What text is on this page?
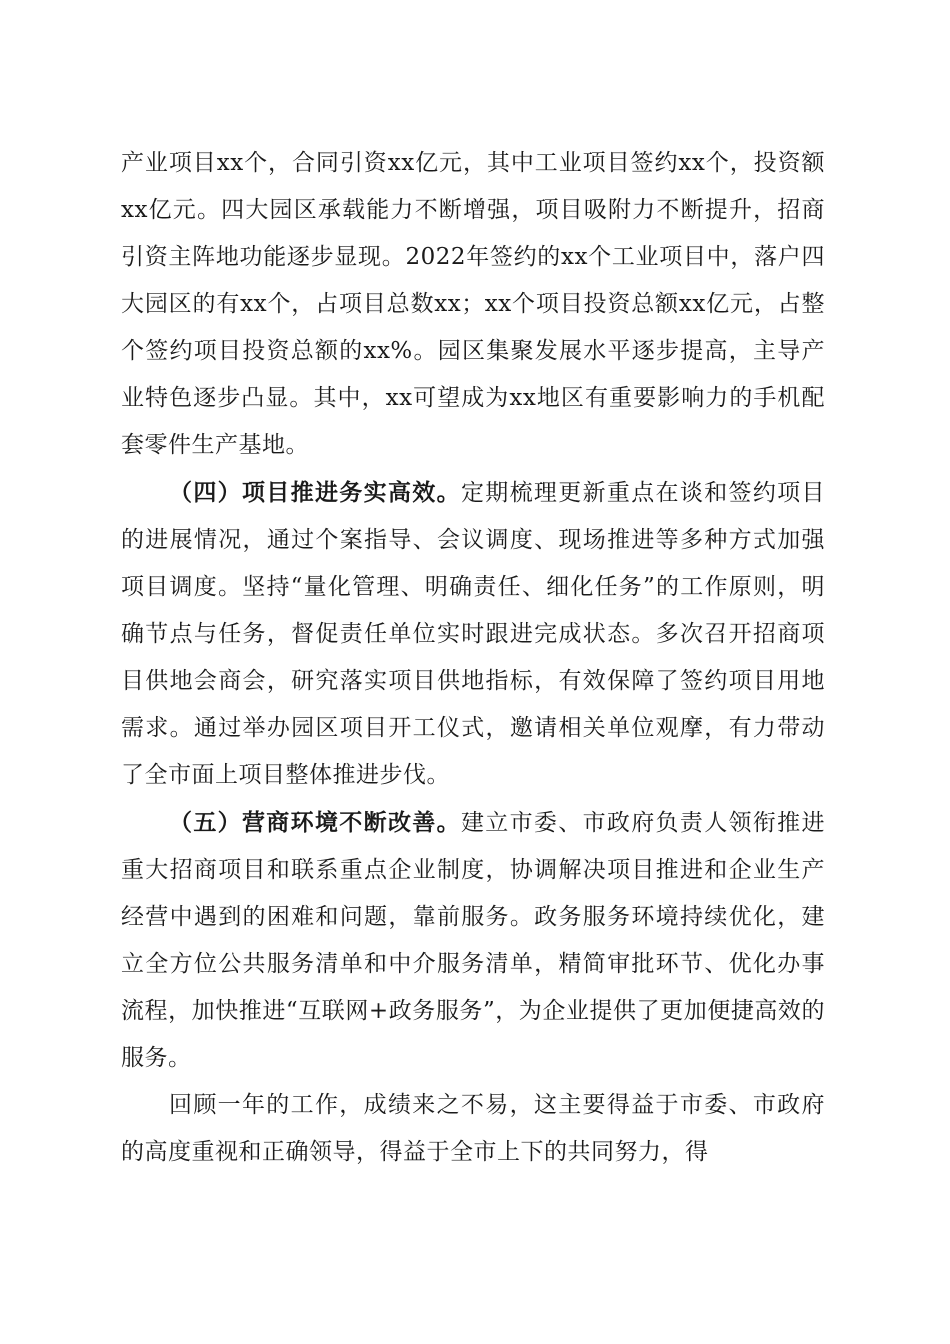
产业项目xx个，合同引资xx亿元，其中工业项目签约xx个，投资额xx亿元。四大园区承载能力不断增强，项目吸附力不断提升，招商引资主阵地功能逐步显现。2022年签约的xx个工业项目中，落户四大园区的有xx个，占项目总数xx；xx个项目投资总额xx亿元，占整个签约项目投资总额的xx%。园区集聚发展水平逐步提高，主导产业特色逐步凸显。其中，xx可望成为xx地区有重要影响力的手机配套零件生产基地。

（四）项目推进务实高效。定期梳理更新重点在谈和签约项目的进展情况，通过个案指导、会议调度、现场推进等多种方式加强项目调度。坚持“量化管理、明确责任、细化任务”的工作原则，明确节点与任务，督促责任单位实时跟进完成状态。多次召开招商项目供地会商会，研究落实项目供地指标，有效保障了签约项目用地需求。通过举办园区项目开工仪式，邀请相关单位观摩，有力带动了全市面上项目整体推进步伐。

（五）营商环境不断改善。建立市委、市政府负责人领衔推进重大招商项目和联系重点企业制度，协调解决项目推进和企业生产经营中遇到的困难和问题，靠前服务。政务服务环境持续优化，建立全方位公共服务清单和中介服务清单，精简审批环节、优化办事流程，加快推进“互联网+政务服务”，为企业提供了更加便捷高效的服务。

回顾一年的工作，成绩来之不易，这主要得益于市委、市政府的高度重视和正确领导，得益于全市上下的共同努力，得
